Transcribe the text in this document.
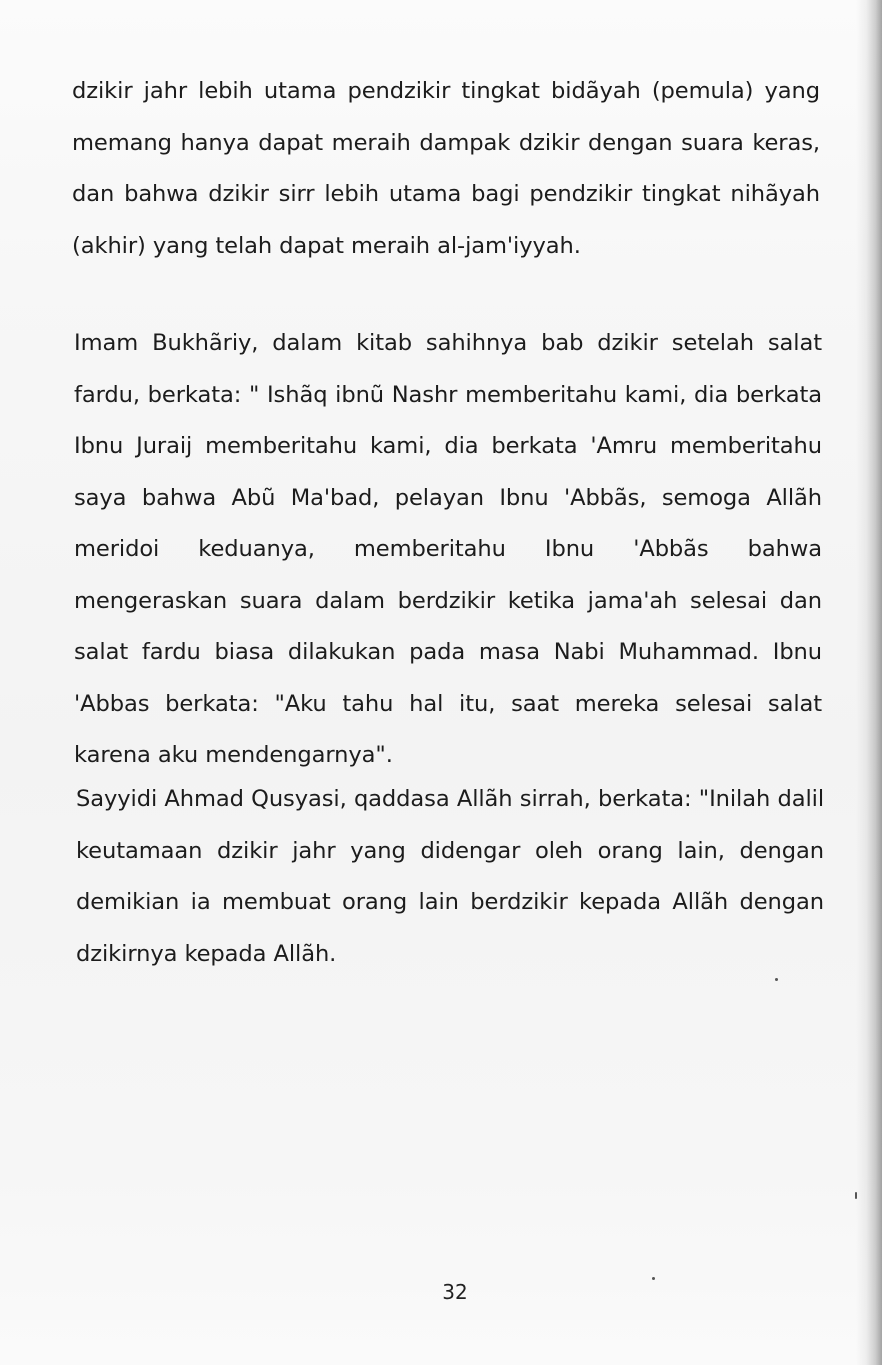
dzikir jahr lebih utama pendzikir tingkat bidãyah (pemula) yang memang hanya dapat meraih dampak dzikir dengan suara keras, dan bahwa dzikir sirr lebih utama bagi pendzikir tingkat nihãyah (akhir) yang telah dapat meraih al-jam'iyyah.

Imam Bukhãriy, dalam kitab sahihnya bab dzikir setelah salat fardu, berkata: " Ishãq ibnũ Nashr memberitahu kami, dia berkata Ibnu Juraij memberitahu kami, dia berkata 'Amru memberitahu saya bahwa Abũ Ma'bad, pelayan Ibnu 'Abbãs, semoga Allãh meridoi keduanya, memberitahu Ibnu 'Abbãs bahwa mengeraskan suara dalam berdzikir ketika jama'ah selesai dan salat fardu biasa dilakukan pada masa Nabi Muhammad. Ibnu 'Abbas berkata: "Aku tahu hal itu, saat mereka selesai salat karena aku mendengarnya".

Sayyidi Ahmad Qusyasi, qaddasa Allãh sirrah, berkata: "Inilah dalil keutamaan dzikir jahr yang didengar oleh orang lain, dengan demikian ia membuat orang lain berdzikir kepada Allãh dengan dzikirnya kepada Allãh.

32
